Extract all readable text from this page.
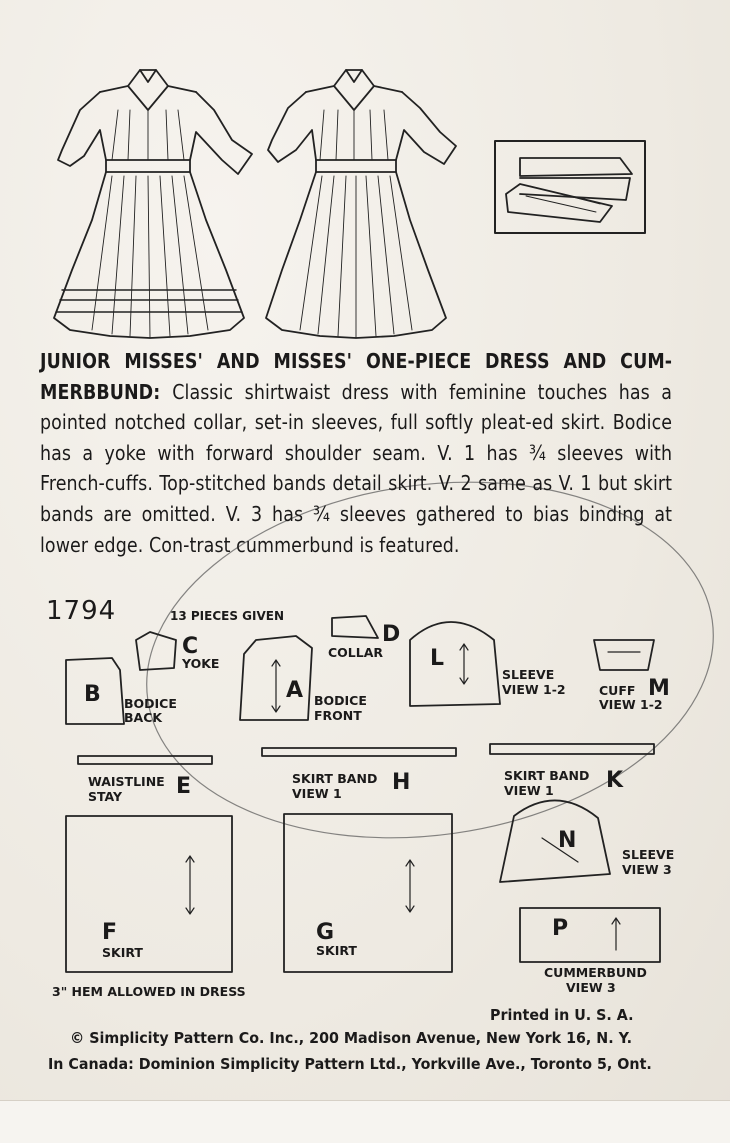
JUNIOR MISSES' AND MISSES' ONE-PIECE DRESS AND CUM-MERBBUND: Classic shirtwaist dress with feminine touches has a pointed notched collar, set-in sleeves, full softly pleat-ed skirt. Bodice has a yoke with forward shoulder seam. V. 1 has ¾ sleeves with French-cuffs. Top-stitched bands detail skirt. V. 2 same as V. 1 but skirt bands are omitted. V. 3 has ¾ sleeves gathered to bias binding at lower edge. Con-trast cummerbund is featured.
1794	13 PIECES GIVEN
B BODICE
BACK
C
YOKE
A BODICE
FRONT
D
COLLAR L
SLEEVE
VIEW 1-2	CUFF M
VIEW 1-2
WAISTLINE
STAY E	SKIRT BAND
VIEW 1 H	SKIRT BAND
VIEW 1 K
N
SLEEVE
VIEW 3
F
SKIRT
G
SKIRT
P
CUMMERBUND
VIEW 3
3" HEM ALLOWED IN DRESS
Printed in U. S. A.
© Simplicity Pattern Co. Inc., 200 Madison Avenue, New York 16, N. Y.
In Canada: Dominion Simplicity Pattern Ltd., Yorkville Ave., Toronto 5, Ont.
